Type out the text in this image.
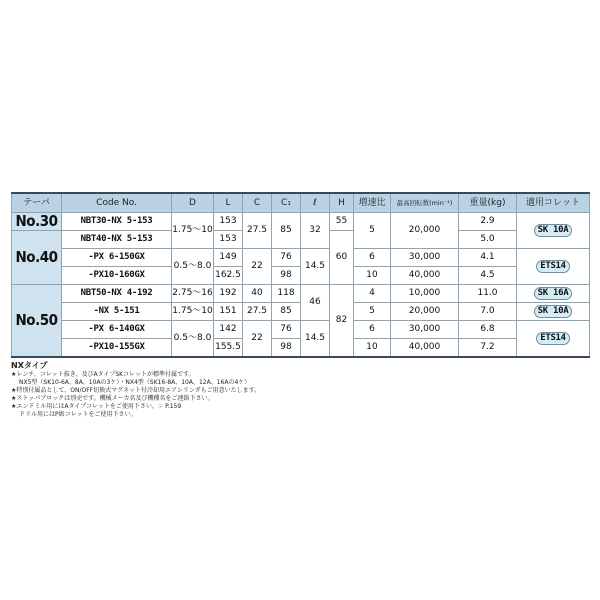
テーパ	Code No.	D	L	C	C₁	ℓ	H	増速比	最高回転数(min⁻¹)	重量(kg)	適用コレット
No.30	NBT30-NX 5-153	1.75～10	153	27.5	85	32	55	5	20,000	2.9	SK 10A
No.40	NBT40-NX 5-153		153				60			5.0	
	-PX 6-150GX	0.5～8.0	149	22	76	14.5		6	30,000	4.1	ETS14
	-PX10-160GX		162.5		98			10	40,000	4.5	
No.50	NBT50-NX 4-192	2.75～16	192	40	118	46	82	4	10,000	11.0	SK 16A
	-NX 5-151	1.75～10	151	27.5	85			5	20,000	7.0	SK 10A
	-PX 6-140GX	0.5～8.0	142	22	76	14.5		6	30,000	6.8	ETS14
	-PX10-155GX		155.5		98			10	40,000	7.2	
NXタイプ
★レンチ、コレット抜き、及びAタイプSKコレットが標準付属です。
NX5型（SK10-6A、8A、10Aの3ケ）・NX4型（SK16-8A、10A、12A、16Aの4ケ）
★特別付属品として、ON/OFF切換式マグネット付冷却用エアシリンダもご用意いたします。
★ストッパブロックは別売です。機械メーカ名及び機種名をご連絡下さい。
★エンドミル用にはAタイプコレットをご使用下さい。☞ P.159
ドリル用にはP級コレットをご使用下さい。
